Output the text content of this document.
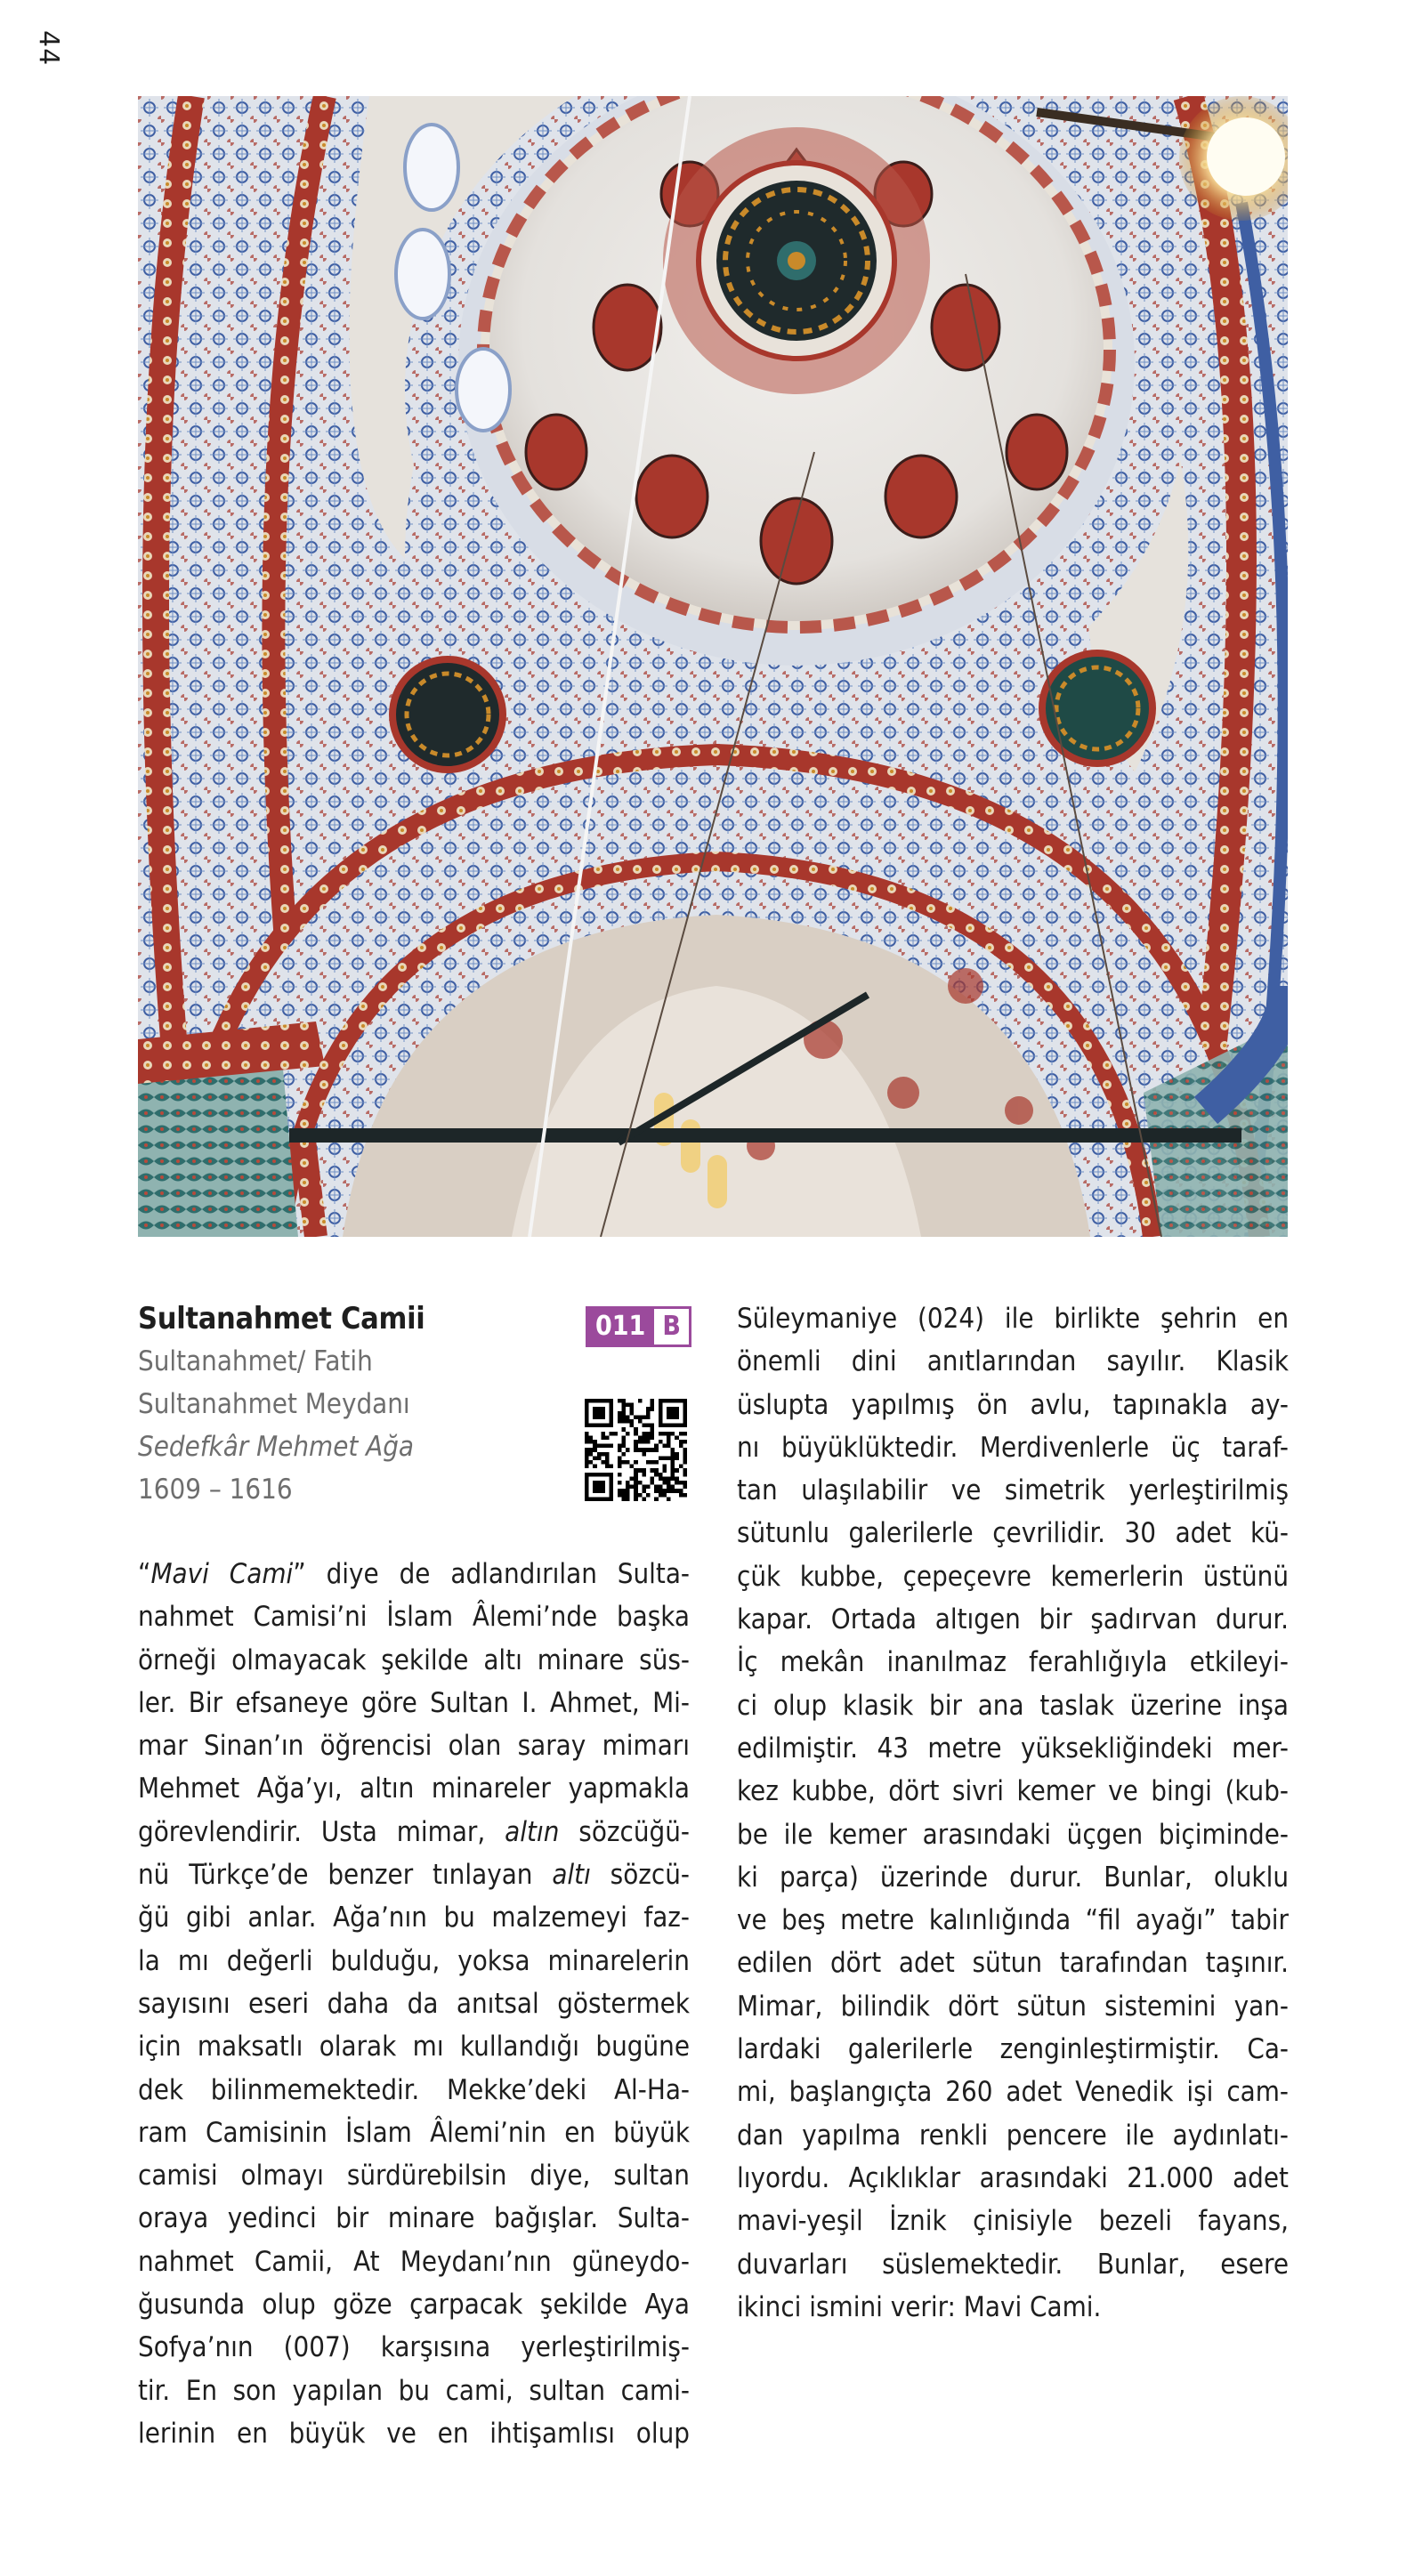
44
Sultanahmet Camii
Sultanahmet/ Fatih
Sultanahmet Meydanı
Sedefkâr Mehmet Ağa
1609 – 1616
011 B
“Mavi Cami” diye de adlandırılan Sulta-
nahmet Camisi’ni İslam Âlemi’nde başka
örneği olmayacak şekilde altı minare süs-
ler. Bir efsaneye göre Sultan I. Ahmet, Mi-
mar Sinan’ın öğrencisi olan saray mimarı
Mehmet Ağa’yı, altın minareler yapmakla
görevlendirir. Usta mimar, altın sözcüğü-
nü Türkçe’de benzer tınlayan altı sözcü-
ğü gibi anlar. Ağa’nın bu malzemeyi faz-
la mı değerli bulduğu, yoksa minarelerin
sayısını eseri daha da anıtsal göstermek
için maksatlı olarak mı kullandığı bugüne
dek bilinmemektedir. Mekke’deki Al-Ha-
ram Camisinin İslam Âlemi’nin en büyük
camisi olmayı sürdürebilsin diye, sultan
oraya yedinci bir minare bağışlar. Sulta-
nahmet Camii, At Meydanı’nın güneydo-
ğusunda olup göze çarpacak şekilde Aya
Sofya’nın (007) karşısına yerleştirilmiş-
tir. En son yapılan bu cami, sultan cami-
lerinin en büyük ve en ihtişamlısı olup
Süleymaniye (024) ile birlikte şehrin en
önemli dini anıtlarından sayılır. Klasik
üslupta yapılmış ön avlu, tapınakla ay-
nı büyüklüktedir. Merdivenlerle üç taraf-
tan ulaşılabilir ve simetrik yerleştirilmiş
sütunlu galerilerle çevrilidir. 30 adet kü-
çük kubbe, çepeçevre kemerlerin üstünü
kapar. Ortada altıgen bir şadırvan durur.
İç mekân inanılmaz ferahlığıyla etkileyi-
ci olup klasik bir ana taslak üzerine inşa
edilmiştir. 43 metre yüksekliğindeki mer-
kez kubbe, dört sivri kemer ve bingi (kub-
be ile kemer arasındaki üçgen biçiminde-
ki parça) üzerinde durur. Bunlar, oluklu
ve beş metre kalınlığında “fil ayağı” tabir
edilen dört adet sütun tarafından taşınır.
Mimar, bilindik dört sütun sistemini yan-
lardaki galerilerle zenginleştirmiştir. Ca-
mi, başlangıçta 260 adet Venedik işi cam-
dan yapılma renkli pencere ile aydınlatı-
lıyordu. Açıklıklar arasındaki 21.000 adet
mavi-yeşil İznik çinisiyle bezeli fayans,
duvarları süslemektedir. Bunlar, esere
ikinci ismini verir: Mavi Cami.
